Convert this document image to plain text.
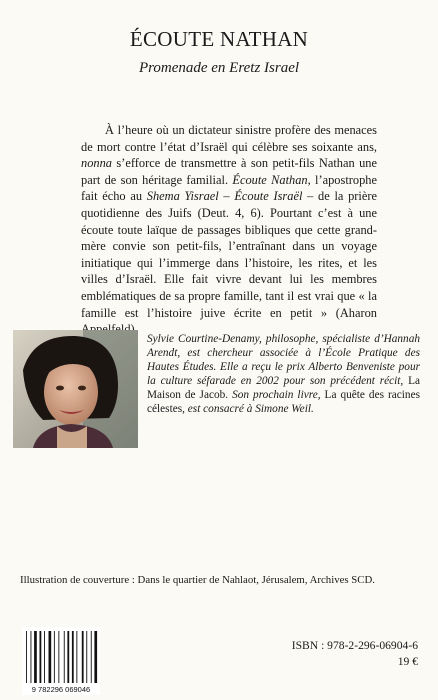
ÉCOUTE NATHAN
Promenade en Eretz Israel

À l’heure où un dictateur sinistre profère des menaces de mort contre l’état d’Israël qui célèbre ses soixante ans, nonna s’efforce de transmettre à son petit-fils Nathan une part de son héritage familial. Écoute Nathan, l’apostrophe fait écho au Shema Yisrael – Écoute Israël – de la prière quotidienne des Juifs (Deut. 4, 6). Pourtant c’est à une écoute toute laïque de passages bibliques que cette grand-mère convie son petit-fils, l’entraînant dans un voyage initiatique qui l’immerge dans l’histoire, les rites, et les villes d’Israël. Elle fait vivre devant lui les membres emblématiques de sa propre famille, tant il est vrai que « la famille est l’histoire juive écrite en petit » (Aharon

Sylvie Courtine-Denamy, philosophe, spécialiste d’Hannah Arendt, est chercheur associée à l’École Pratique des Hautes Études. Elle a reçu le prix Alberto Benveniste pour la culture séfarade en 2002 pour son précédent récit, La Maison de Jacob. Son prochain livre, La quête des racines célestes, est consacré à Simone Weil.
Illustration de couverture : Dans le quartier de Nahlaot, Jérusalem, Archives SCD.
9 782296 069046
ISBN : 978-2-296-06904-6
19 €
